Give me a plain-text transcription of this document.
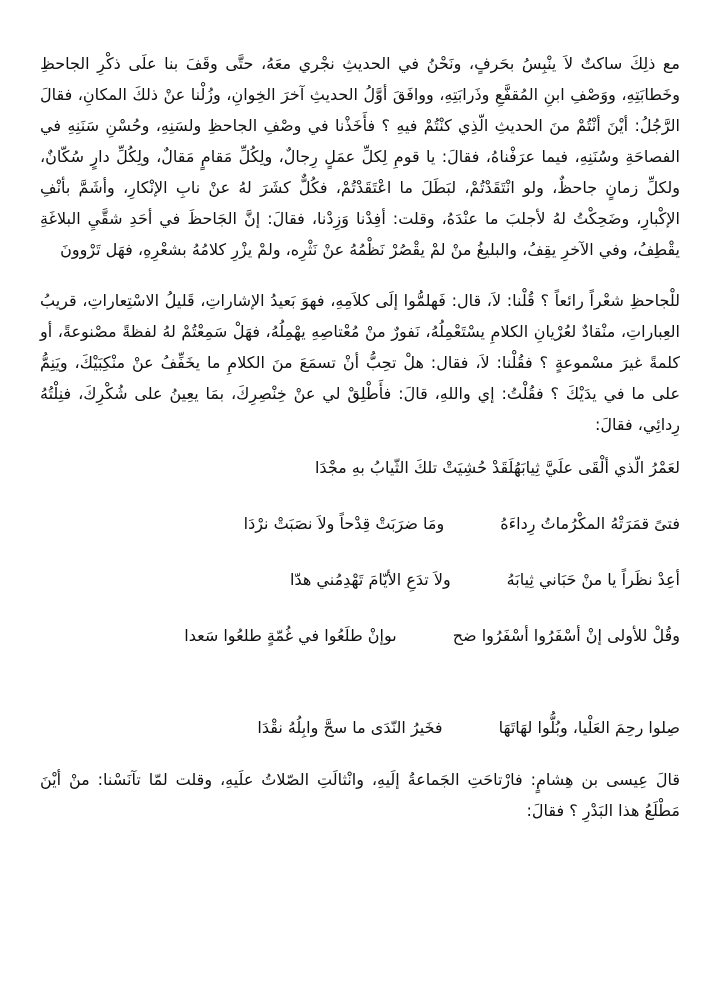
مع ذلِكَ ساكتٌ لاَ ينْبِسُ بحَرفٍ، ونَحْنُ في الحديثِ نجْري معَهُ، حتَّى وقَفَ بنا علَى ذكْرِ الجاحظِ وخَطابَتِهِ، ووَصْفِ ابنِ المُقفَّعِ وذَرابَتِهِ، ووافَقَ أوَّلُ الحديثِ آخرَ الخِوانِ، وزُلْنا عنْ ذلكَ المكانِ، فقالَ الرَّجُلُ: أيْنَ أنْتُمْ منَ الحديثِ الّذِي كنْتُمْ فيهِ ؟ فأَخَذْنا في وصْفِ الجاحظِ ولسَنِهِ، وحُسْنِ سَنَنِهِ في الفصاحَةِ وسُنَنِهِ، فيما عرَفْناهُ، فقالَ: يا قومِ لِكلِّ عمَلٍ رِجالٌ، ولِكُلِّ مَقامٍ مَقالٌ، ولِكُلِّ دارٍ سُكّانٌ، ولكلِّ زمانٍ جاحظٌ، ولو انْتَقَدْتُمْ، لبَطَلَ ما اعْتَقَدْتُمْ، فكُلٌّ كشَرَ لهُ عنْ نابِ الإنْكارِ، وأشَمَّ بأنْفِ الإكْبارِ، وضَحِكْتُ لهُ لأجلبَ ما عنْدَهُ، وقلت: أفِدْنا وَزِدْنا، فقالَ: إنَّ الجَاحظَ في أحَدِ شقَّيِ البلاغَةِ يقْطِفُ، وفي الآخرِ يقِفُ، والبليغُ منْ لمْ يقْصُرْ نَظْمُهُ عنْ نَثْرِه، ولمْ يزْرِ كلامُهُ بشعْرِهِ، فهَل تَرْوونَ

للْجاحظِ شعْراً رائعاً ؟ قُلْنا: لاَ، قال: فَهلمُّوا إلَى كلاَمِهِ، فهوَ بَعيدُ الإشاراتِ، قَليلُ الاسْتِعاراتِ، قريبُ العِباراتِ، منْقادٌ لعُرْيانِ الكلامِ يسْتَعْمِلُهُ، نَفورٌ منْ مُعْتاصِهِ يهْمِلُهُ، فهَلْ سَمِعْتُمْ لهُ لفظةً مصْنوعةً، أو كلمةً غيرَ مسْموعةٍ ؟ فقُلْنا: لاَ، فقال: هلْ تحِبُّ أنْ تسمَعَ منَ الكلامِ ما يخَفِّفُ عنْ منْكِبَيْكَ، ويَنِمُّ على ما في يدَيْكَ ؟ فقُلْتُ: إي واللهِ، قالَ: فأَطْلِقْ لي عنْ خِنْصِرِكَ، بمَا يعِينُ على شُكْرِكَ، فنِلْتُهُ رِدائِي، فقالَ:

لعَمْرُ الّذي ألْقَى علَيَّ ثِيابَهُلَقَدْ حُشِيَتْ تلكَ الثّيابُ بهِ مجْدَا
فتىً قمَرَتْهُ المكْرُماتُ رِداءَهُ
ومَا ضرَبَتْ قِدْحاً ولاَ نصَبَتْ نرْدَا
أعِدْ نظَراً يا منْ حَبَاني ثِيابَهُ
ولاَ تدَعِ الأيّامَ تَهْدِمُني هدّا
وقُلْ للأولى إنْ أسْفَرُوا أسْفَرُوا ضح
ىوإنْ طلَعُوا في غُمّةٍ طلعُوا سَعدا
صِلوا رحِمَ العَلْيا، وبُلُّوا لهَاتَهَا
فخَيرُ النّدَى ما سحَّ وابِلُهُ نقْدَا

قالَ عِيسى بن هِشامٍ: فارْتاحَتِ الجَماعةُ إلَيهِ، وانْثالَتِ الصّلاتُ علَيهِ، وقلت لمّا تآنَسْنا: منْ أيْنَ مَطْلَعُ هذا البَدْرِ ؟ فقالَ:
